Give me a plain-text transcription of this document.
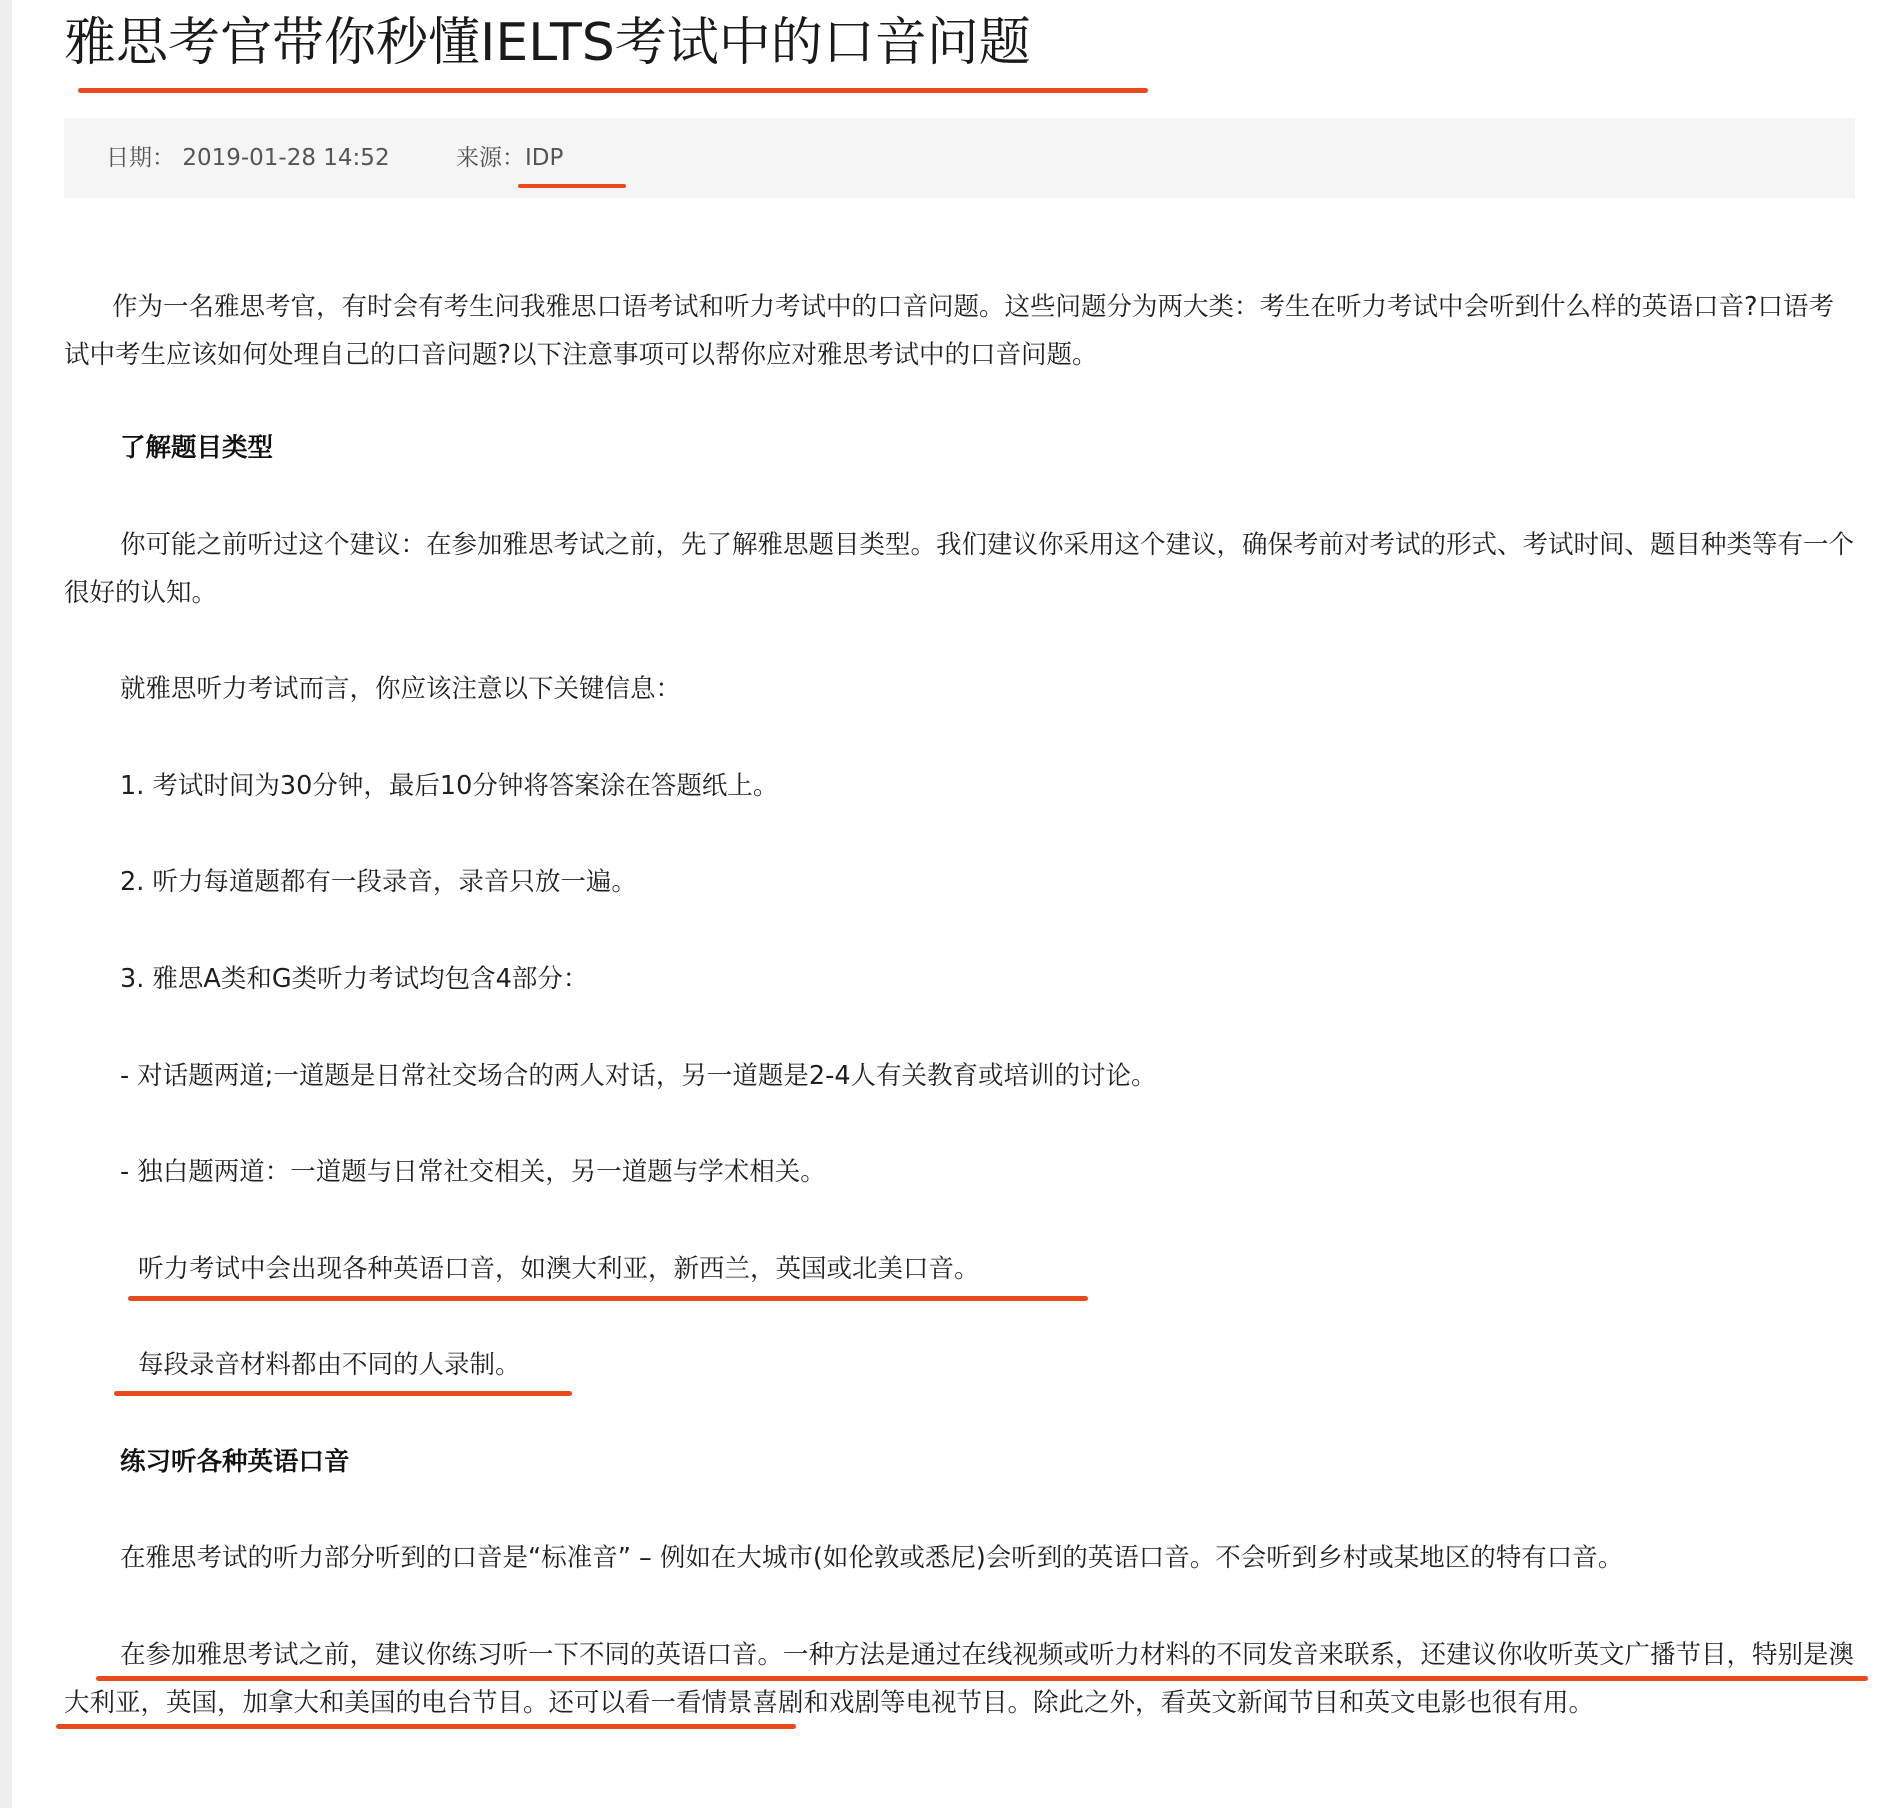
雅思考官带你秒懂IELTS考试中的口音问题
日期： 2019-01-28 14:52	来源：IDP

作为一名雅思考官，有时会有考生问我雅思口语考试和听力考试中的口音问题。这些问题分为两大类：考生在听力考试中会听到什么样的英语口音?口语考试中考生应该如何处理自己的口音问题?以下注意事项可以帮你应对雅思考试中的口音问题。

了解题目类型

你可能之前听过这个建议：在参加雅思考试之前，先了解雅思题目类型。我们建议你采用这个建议，确保考前对考试的形式、考试时间、题目种类等有一个很好的认知。

就雅思听力考试而言，你应该注意以下关键信息：

1. 考试时间为30分钟，最后10分钟将答案涂在答题纸上。

2. 听力每道题都有一段录音，录音只放一遍。

3. 雅思A类和G类听力考试均包含4部分：

- 对话题两道;一道题是日常社交场合的两人对话，另一道题是2-4人有关教育或培训的讨论。

- 独白题两道：一道题与日常社交相关，另一道题与学术相关。

听力考试中会出现各种英语口音，如澳大利亚，新西兰，英国或北美口音。

每段录音材料都由不同的人录制。

练习听各种英语口音

在雅思考试的听力部分听到的口音是“标准音” – 例如在大城市(如伦敦或悉尼)会听到的英语口音。不会听到乡村或某地区的特有口音。

在参加雅思考试之前，建议你练习听一下不同的英语口音。一种方法是通过在线视频或听力材料的不同发音来联系，还建议你收听英文广播节目，特别是澳大利亚，英国，加拿大和美国的电台节目。还可以看一看情景喜剧和戏剧等电视节目。除此之外，看英文新闻节目和英文电影也很有用。
